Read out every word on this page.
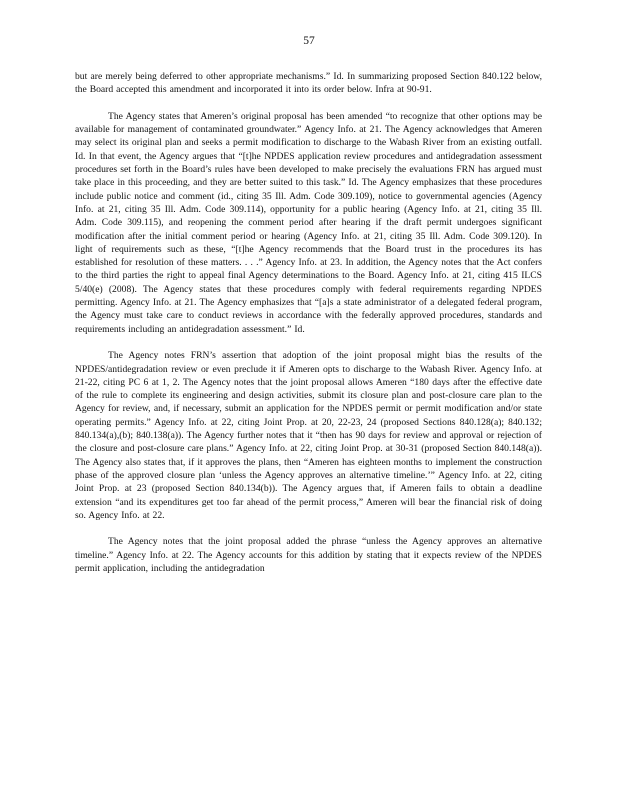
57

but are merely being deferred to other appropriate mechanisms.” Id. In summarizing proposed Section 840.122 below, the Board accepted this amendment and incorporated it into its order below. Infra at 90-91.

The Agency states that Ameren’s original proposal has been amended “to recognize that other options may be available for management of contaminated groundwater.” Agency Info. at 21. The Agency acknowledges that Ameren may select its original plan and seeks a permit modification to discharge to the Wabash River from an existing outfall. Id. In that event, the Agency argues that “[t]he NPDES application review procedures and antidegradation assessment procedures set forth in the Board’s rules have been developed to make precisely the evaluations FRN has argued must take place in this proceeding, and they are better suited to this task.” Id. The Agency emphasizes that these procedures include public notice and comment (id., citing 35 Ill. Adm. Code 309.109), notice to governmental agencies (Agency Info. at 21, citing 35 Ill. Adm. Code 309.114), opportunity for a public hearing (Agency Info. at 21, citing 35 Ill. Adm. Code 309.115), and reopening the comment period after hearing if the draft permit undergoes significant modification after the initial comment period or hearing (Agency Info. at 21, citing 35 Ill. Adm. Code 309.120). In light of requirements such as these, “[t]he Agency recommends that the Board trust in the procedures its has established for resolution of these matters. . . .” Agency Info. at 23. In addition, the Agency notes that the Act confers to the third parties the right to appeal final Agency determinations to the Board. Agency Info. at 21, citing 415 ILCS 5/40(e) (2008). The Agency states that these procedures comply with federal requirements regarding NPDES permitting. Agency Info. at 21. The Agency emphasizes that “[a]s a state administrator of a delegated federal program, the Agency must take care to conduct reviews in accordance with the federally approved procedures, standards and requirements including an antidegradation assessment.” Id.

The Agency notes FRN’s assertion that adoption of the joint proposal might bias the results of the NPDES/antidegradation review or even preclude it if Ameren opts to discharge to the Wabash River. Agency Info. at 21-22, citing PC 6 at 1, 2. The Agency notes that the joint proposal allows Ameren “180 days after the effective date of the rule to complete its engineering and design activities, submit its closure plan and post-closure care plan to the Agency for review, and, if necessary, submit an application for the NPDES permit or permit modification and/or state operating permits.” Agency Info. at 22, citing Joint Prop. at 20, 22-23, 24 (proposed Sections 840.128(a); 840.132; 840.134(a),(b); 840.138(a)). The Agency further notes that it “then has 90 days for review and approval or rejection of the closure and post-closure care plans.” Agency Info. at 22, citing Joint Prop. at 30-31 (proposed Section 840.148(a)). The Agency also states that, if it approves the plans, then “Ameren has eighteen months to implement the construction phase of the approved closure plan ‘unless the Agency approves an alternative timeline.’” Agency Info. at 22, citing Joint Prop. at 23 (proposed Section 840.134(b)). The Agency argues that, if Ameren fails to obtain a deadline extension “and its expenditures get too far ahead of the permit process,” Ameren will bear the financial risk of doing so. Agency Info. at 22.

The Agency notes that the joint proposal added the phrase “unless the Agency approves an alternative timeline.” Agency Info. at 22. The Agency accounts for this addition by stating that it expects review of the NPDES permit application, including the antidegradation
